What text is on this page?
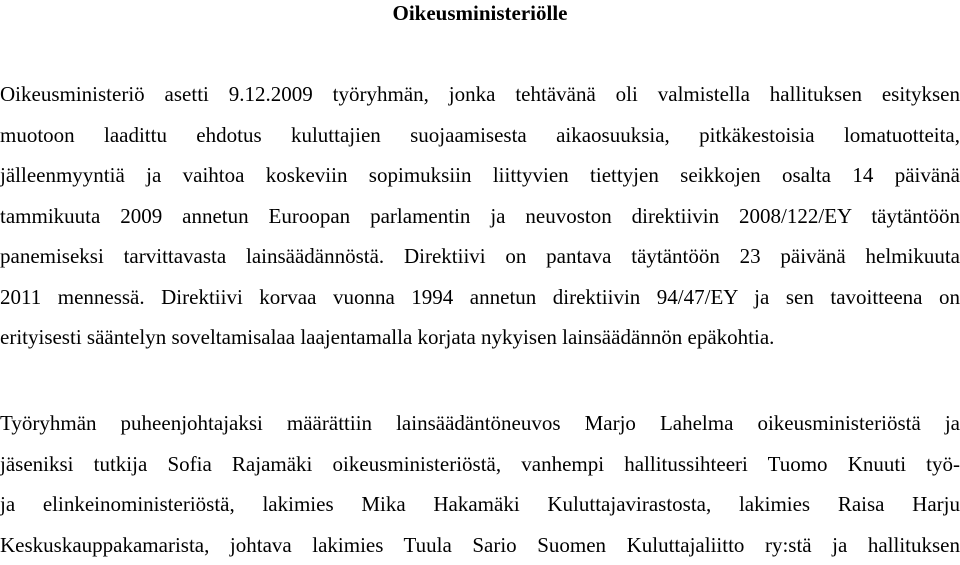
Oikeusministeriölle
Oikeusministeriö asetti 9.12.2009 työryhmän, jonka tehtävänä oli valmistella hallituksen esityksen
muotoon laadittu ehdotus kuluttajien suojaamisesta aikaosuuksia, pitkäkestoisia lomatuotteita,
jälleenmyyntiä ja vaihtoa koskeviin sopimuksiin liittyvien tiettyjen seikkojen osalta 14 päivänä
tammikuuta 2009 annetun Euroopan parlamentin ja neuvoston direktiivin 2008/122/EY täytäntöön
panemiseksi tarvittavasta lainsäädännöstä. Direktiivi on pantava täytäntöön 23 päivänä helmikuuta
2011 mennessä. Direktiivi korvaa vuonna 1994 annetun direktiivin 94/47/EY ja sen tavoitteena on
erityisesti sääntelyn soveltamisalaa laajentamalla korjata nykyisen lainsäädännön epäkohtia.
Työryhmän puheenjohtajaksi määrättiin lainsäädäntöneuvos Marjo Lahelma oikeusministeriöstä ja
jäseniksi tutkija Sofia Rajamäki oikeusministeriöstä, vanhempi hallitussihteeri Tuomo Knuuti työ-
ja elinkeinoministeriöstä, lakimies Mika Hakamäki Kuluttajavirastosta, lakimies Raisa Harju
Keskuskauppakamarista, johtava lakimies Tuula Sario Suomen Kuluttajaliitto ry:stä ja hallituksen
